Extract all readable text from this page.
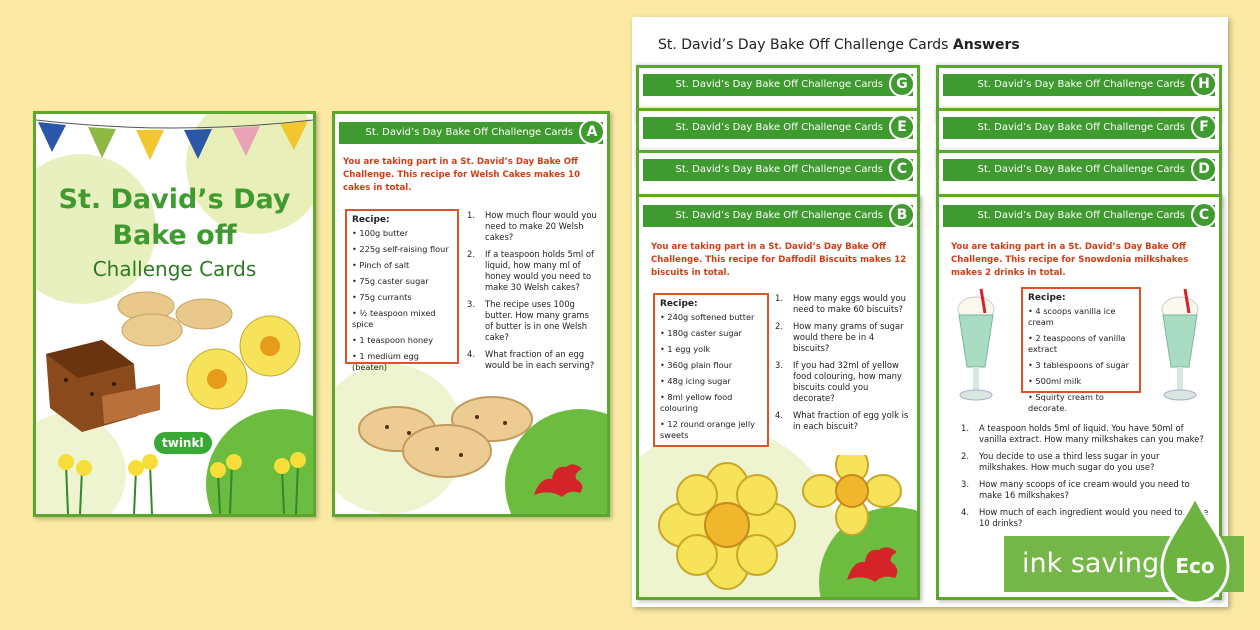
St. David’s Day
Bake off
Challenge Cards
twinkl
St. David’s Day Bake Off Challenge Cards A
You are taking part in a St. David’s Day Bake Off Challenge. This recipe for Welsh Cakes makes 10 cakes in total.
Recipe:
• 100g butter
• 225g self-raising flour
• Pinch of salt
• 75g caster sugar
• 75g currants
• ½ teaspoon mixed spice
• 1 teaspoon honey
• 1 medium egg (beaten)
1.	How much flour would you need to make 20 Welsh cakes?
2.	If a teaspoon holds 5ml of liquid, how many ml of honey would you need to make 30 Welsh cakes?
3.	The recipe uses 100g butter. How many grams of butter is in one Welsh cake?
4.	What fraction of an egg would be in each serving?
St. David’s Day Bake Off Challenge Cards Answers
St. David’s Day Bake Off Challenge Cards G
St. David’s Day Bake Off Challenge Cards	E
St. David’s Day Bake Off Challenge Cards C
St. David’s Day Bake Off Challenge Cards H
St. David’s Day Bake Off Challenge Cards	F
St. David’s Day Bake Off Challenge Cards D
St. David’s Day Bake Off Challenge Cards B
You are taking part in a St. David’s Day Bake Off Challenge. This recipe for Daffodil Biscuits makes 12 biscuits in total.
Recipe:
• 240g softened butter
• 180g caster sugar
• 1 egg yolk
• 360g plain flour
• 48g icing sugar
• 8ml yellow food colouring
• 12 round orange jelly sweets
1.	How many eggs would you need to make 60 biscuits?
2.	How many grams of sugar would there be in 4 biscuits?
3.	If you had 32ml of yellow food colouring, how many biscuits could you decorate?
4.	What fraction of egg yolk is in each biscuit?
St. David’s Day Bake Off Challenge Cards C
You are taking part in a St. David’s Day Bake Off Challenge. This recipe for Snowdonia milkshakes makes 2 drinks in total.
Recipe:
• 4 scoops vanilla ice cream
• 2 teaspoons of vanilla extract
• 3 tablespoons of sugar
• 500ml milk
• Squirty cream to decorate.
1.	A teaspoon holds 5ml of liquid. You have 50ml of vanilla extract. How many milkshakes can you make?
2.	You decide to use a third less sugar in your milkshakes. How much sugar do you use?
3.	How many scoops of ice cream would you need to make 16 milkshakes?
4.	How much of each ingredient would you need to make 10 drinks?
ink saving Eco
